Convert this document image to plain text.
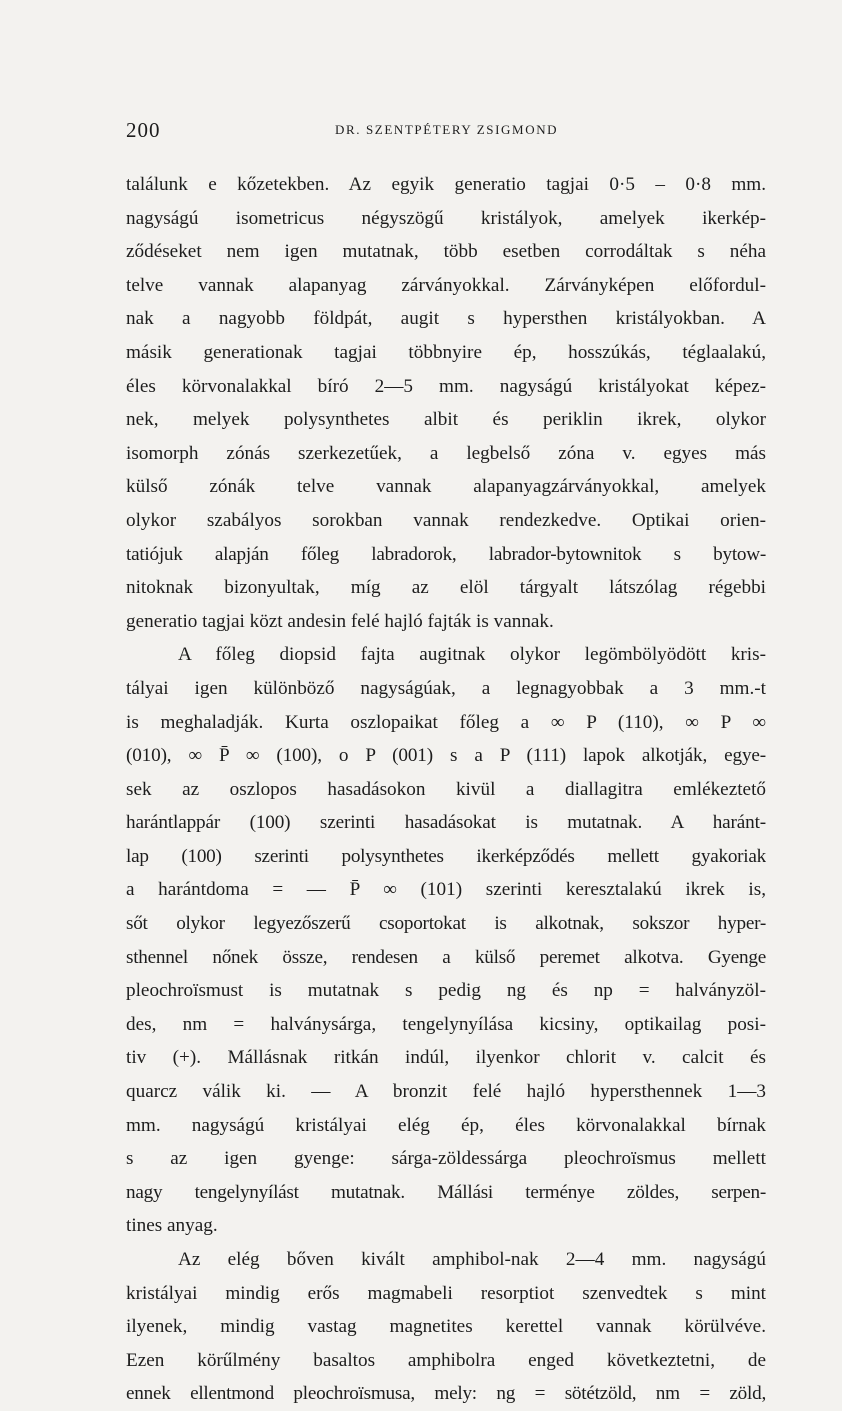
200	DR. SZENTPÉTERY ZSIGMOND
találunk e kőzetekben. Az egyik generatio tagjai 0·5 – 0·8 mm.
nagyságú isometricus négyszögű kristályok, amelyek ikerkép-
ződéseket nem igen mutatnak, több esetben corrodáltak s néha
telve vannak alapanyag zárványokkal. Zárványképen előfordul-
nak a nagyobb földpát, augit s hypersthen kristályokban. A
másik generationak tagjai többnyire ép, hosszúkás, téglaalakú,
éles körvonalakkal bíró 2—5 mm. nagyságú kristályokat képez-
nek, melyek polysynthetes albit és periklin ikrek, olykor
isomorph zónás szerkezetűek, a legbelső zóna v. egyes más
külső zónák telve vannak alapanyagzárványokkal, amelyek
olykor szabályos sorokban vannak rendezkedve. Optikai orien-
tatiójuk alapján főleg labradorok, labrador-bytownitok s bytow-
nitoknak bizonyultak, míg az elöl tárgyalt látszólag régebbi
generatio tagjai közt andesin felé hajló fajták is vannak.
A főleg diopsid fajta augitnak olykor legömbölyödött kris-
tályai igen különböző nagyságúak, a legnagyobbak a 3 mm.-t
is meghaladják. Kurta oszlopaikat főleg a ∞ P (110), ∞ P ∞
(010), ∞ P̄ ∞ (100), o P (001) s a P (111) lapok alkotják, egye-
sek az oszlopos hasadásokon kivül a diallagitra emlékeztető
harántlappár (100) szerinti hasadásokat is mutatnak. A haránt-
lap (100) szerinti polysynthetes ikerképződés mellett gyakoriak
a harántdoma = — P̄ ∞ (101) szerinti keresztalakú ikrek is,
sőt olykor legyezőszerű csoportokat is alkotnak, sokszor hyper-
sthennel nőnek össze, rendesen a külső peremet alkotva. Gyenge
pleochroïsmust is mutatnak s pedig ng és np = halványzöl-
des, nm = halványsárga, tengelynyílása kicsiny, optikailag posi-
tiv (+). Mállásnak ritkán indúl, ilyenkor chlorit v. calcit és
quarcz válik ki. — A bronzit felé hajló hypersthennek 1—3
mm. nagyságú kristályai elég ép, éles körvonalakkal bírnak
s az igen gyenge: sárga-zöldessárga pleochroïsmus mellett
nagy tengelynyílást mutatnak. Mállási terménye zöldes, serpen-
tines anyag.
Az elég bőven kivált amphibol-nak 2—4 mm. nagyságú
kristályai mindig erős magmabeli resorptiot szenvedtek s mint
ilyenek, mindig vastag magnetites kerettel vannak körülvéve.
Ezen körűlmény basaltos amphibolra enged következtetni, de
ennek ellentmond pleochroïsmusa, mely: ng = sötétzöld, nm = zöld,
